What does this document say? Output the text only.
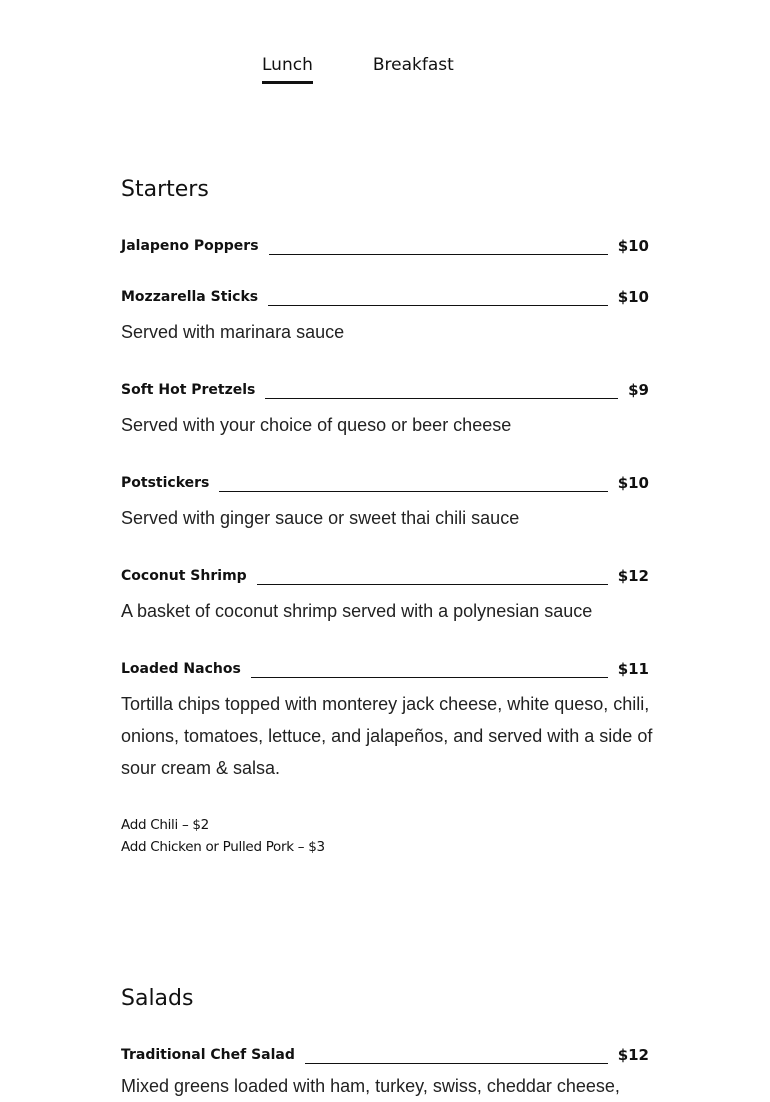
Lunch	Breakfast
Starters
Jalapeno Poppers	$10
Mozzarella Sticks	$10
Served with marinara sauce
Soft Hot Pretzels	$9
Served with your choice of queso or beer cheese
Potstickers	$10
Served with ginger sauce or sweet thai chili sauce
Coconut Shrimp	$12
A basket of coconut shrimp served with a polynesian sauce
Loaded Nachos	$11
Tortilla chips topped with monterey jack cheese, white queso, chili, onions, tomatoes, lettuce, and jalapeños, and served with a side of sour cream & salsa.
Add Chili – $2
Add Chicken or Pulled Pork – $3
Salads
Traditional Chef Salad	$12
Mixed greens loaded with ham, turkey, swiss, cheddar cheese,
